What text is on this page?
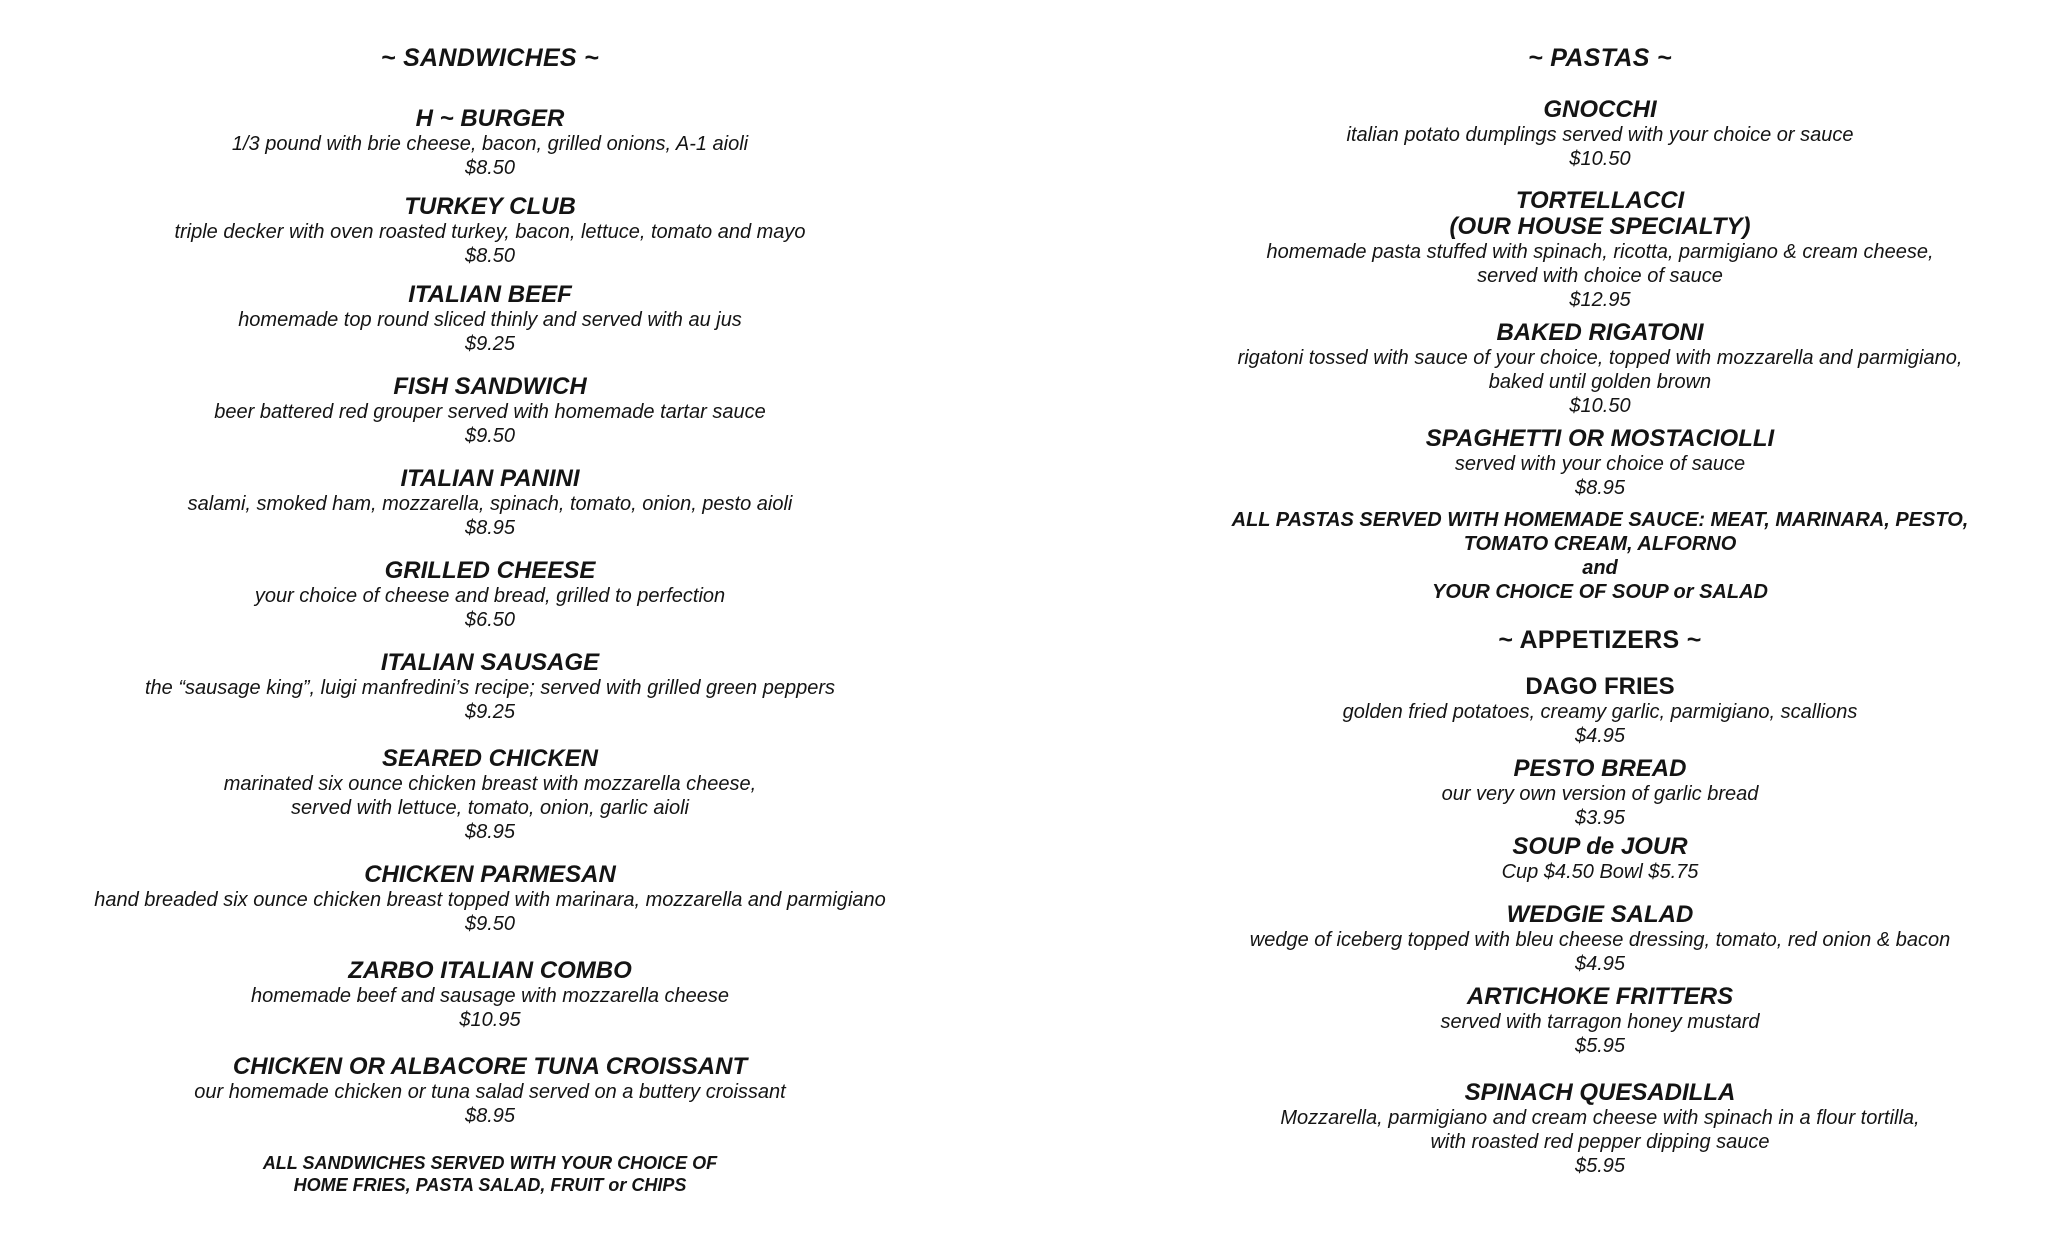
~ SANDWICHES ~
H ~ BURGER
1/3 pound with brie cheese, bacon, grilled onions, A-1 aioli
$8.50
TURKEY CLUB
triple decker with oven roasted turkey, bacon, lettuce, tomato and mayo
$8.50
ITALIAN BEEF
homemade top round sliced thinly and served with au jus
$9.25
FISH SANDWICH
beer battered red grouper served with homemade tartar sauce
$9.50
ITALIAN PANINI
salami, smoked ham, mozzarella, spinach, tomato, onion, pesto aioli
$8.95
GRILLED CHEESE
your choice of cheese and bread, grilled to perfection
$6.50
ITALIAN SAUSAGE
the “sausage king”, luigi manfredini’s recipe; served with grilled green peppers
$9.25
SEARED CHICKEN
marinated six ounce chicken breast with mozzarella cheese,
served with lettuce, tomato, onion, garlic aioli
$8.95
CHICKEN PARMESAN
hand breaded six ounce chicken breast topped with marinara, mozzarella and parmigiano
$9.50
ZARBO ITALIAN COMBO
homemade beef and sausage with mozzarella cheese
$10.95
CHICKEN OR ALBACORE TUNA CROISSANT
our homemade chicken or tuna salad served on a buttery croissant
$8.95
ALL SANDWICHES SERVED WITH YOUR CHOICE OF
HOME FRIES, PASTA SALAD, FRUIT or CHIPS
~ PASTAS ~
GNOCCHI
italian potato dumplings served with your choice or sauce
$10.50
TORTELLACCI
(OUR HOUSE SPECIALTY)
homemade pasta stuffed with spinach, ricotta, parmigiano & cream cheese,
served with choice of sauce
$12.95
BAKED RIGATONI
rigatoni tossed with sauce of your choice, topped with mozzarella and parmigiano,
baked until golden brown
$10.50
SPAGHETTI OR MOSTACIOLLI
served with your choice of sauce
$8.95
ALL PASTAS SERVED WITH HOMEMADE SAUCE: MEAT, MARINARA, PESTO,
TOMATO CREAM, ALFORNO
and
YOUR CHOICE OF SOUP or SALAD
~ APPETIZERS ~
DAGO FRIES
golden fried potatoes, creamy garlic, parmigiano, scallions
$4.95
PESTO BREAD
our very own version of garlic bread
$3.95
SOUP de JOUR
Cup $4.50 Bowl $5.75
WEDGIE SALAD
wedge of iceberg topped with bleu cheese dressing, tomato, red onion & bacon
$4.95
ARTICHOKE FRITTERS
served with tarragon honey mustard
$5.95
SPINACH QUESADILLA
Mozzarella, parmigiano and cream cheese with spinach in a flour tortilla,
with roasted red pepper dipping sauce
$5.95
